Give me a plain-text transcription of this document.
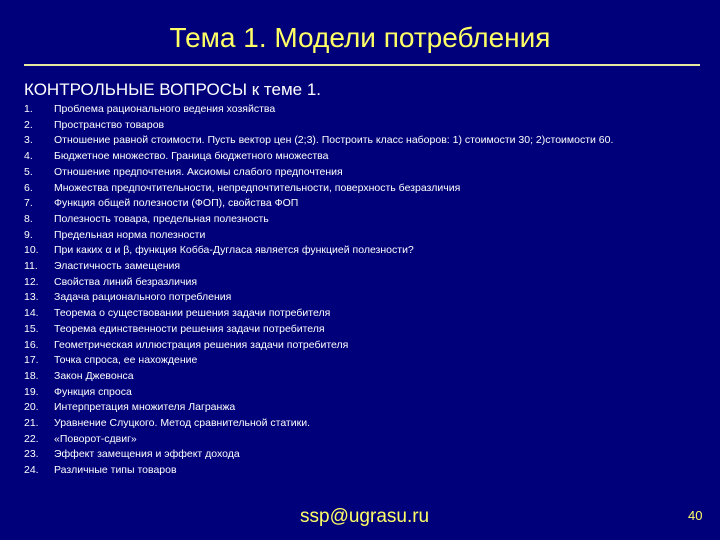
Тема 1. Модели потребления
КОНТРОЛЬНЫЕ ВОПРОСЫ к теме 1.
1.	Проблема рационального ведения хозяйства
2.	Пространство товаров
3.	Отношение равной стоимости. Пусть вектор цен (2;3). Построить класс наборов: 1) стоимости 30; 2)стоимости 60.
4.	Бюджетное множество. Граница бюджетного множества
5.	Отношение предпочтения. Аксиомы слабого предпочтения
6.	Множества предпочтительности, непредпочтительности, поверхность безразличия
7.	Функция общей полезности (ФОП), свойства ФОП
8.	Полезность товара, предельная полезность
9.	Предельная норма полезности
10.	При каких α и β, функция Кобба-Дугласа является функцией полезности?
11.	Эластичность замещения
12.	Свойства линий безразличия
13.	Задача рационального потребления
14.	Теорема о существовании решения задачи потребителя
15.	Теорема единственности решения задачи потребителя
16.	Геометрическая иллюстрация решения задачи потребителя
17.	Точка спроса, ее нахождение
18.	Закон Джевонса
19.	Функция спроса
20.	Интерпретация множителя Лагранжа
21.	Уравнение Слуцкого. Метод сравнительной статики.
22.	«Поворот-сдвиг»
23.	Эффект замещения и эффект дохода
24.	Различные типы товаров
ssp@ugrasu.ru	40
